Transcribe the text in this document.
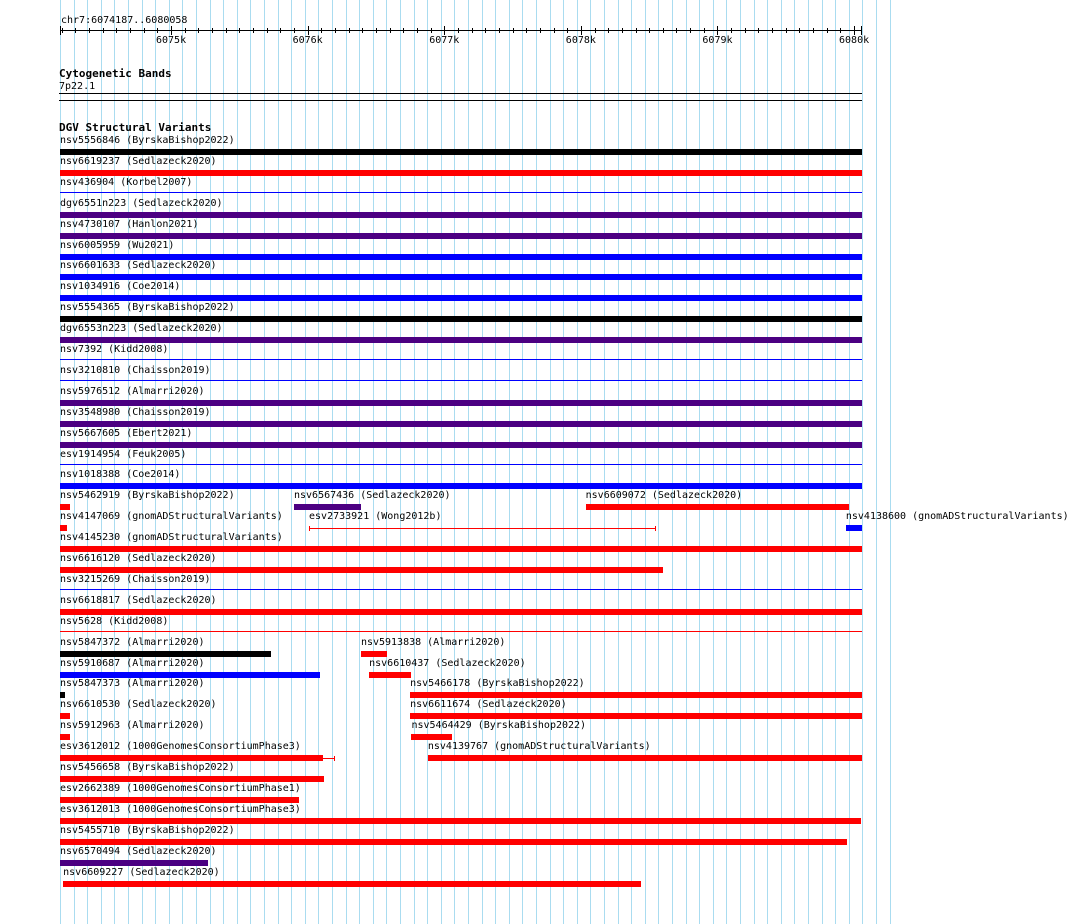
chr7:6074187..6080058
6075k	6076k	6077k	6078k	6079k	6080k
Cytogenetic Bands
7p22.1
DGV Structural Variants
nsv5556846 (ByrskaBishop2022)
nsv6619237 (Sedlazeck2020)
nsv436904 (Korbel2007)
dgv6551n223 (Sedlazeck2020)
nsv4730107 (Hanlon2021)
nsv6005959 (Wu2021)
nsv6601633 (Sedlazeck2020)
nsv1034916 (Coe2014)
nsv5554365 (ByrskaBishop2022)
dgv6553n223 (Sedlazeck2020)
nsv7392 (Kidd2008)
nsv3210810 (Chaisson2019)
nsv5976512 (Almarri2020)
nsv3548980 (Chaisson2019)
nsv5667605 (Ebert2021)
esv1914954 (Feuk2005)
nsv1018388 (Coe2014)
nsv5462919 (ByrskaBishop2022)	nsv6567436 (Sedlazeck2020)	nsv6609072 (Sedlazeck2020)
nsv4147069 (gnomADStructuralVariants)	esv2733921 (Wong2012b)	nsv4138600 (gnomADStructuralVariants)
nsv4145230 (gnomADStructuralVariants)
nsv6616120 (Sedlazeck2020)
nsv3215269 (Chaisson2019)
nsv6618817 (Sedlazeck2020)
nsv5628 (Kidd2008)
nsv5847372 (Almarri2020)	nsv5913838 (Almarri2020)
nsv5910687 (Almarri2020)	nsv6610437 (Sedlazeck2020)
nsv5847373 (Almarri2020)	nsv5466178 (ByrskaBishop2022)
nsv6610530 (Sedlazeck2020)	nsv6611674 (Sedlazeck2020)
nsv5912963 (Almarri2020)	nsv5464429 (ByrskaBishop2022)
esv3612012 (1000GenomesConsortiumPhase3)	nsv4139767 (gnomADStructuralVariants)
nsv5456658 (ByrskaBishop2022)
esv2662389 (1000GenomesConsortiumPhase1)
esv3612013 (1000GenomesConsortiumPhase3)
nsv5455710 (ByrskaBishop2022)
nsv6570494 (Sedlazeck2020)
nsv6609227 (Sedlazeck2020)
